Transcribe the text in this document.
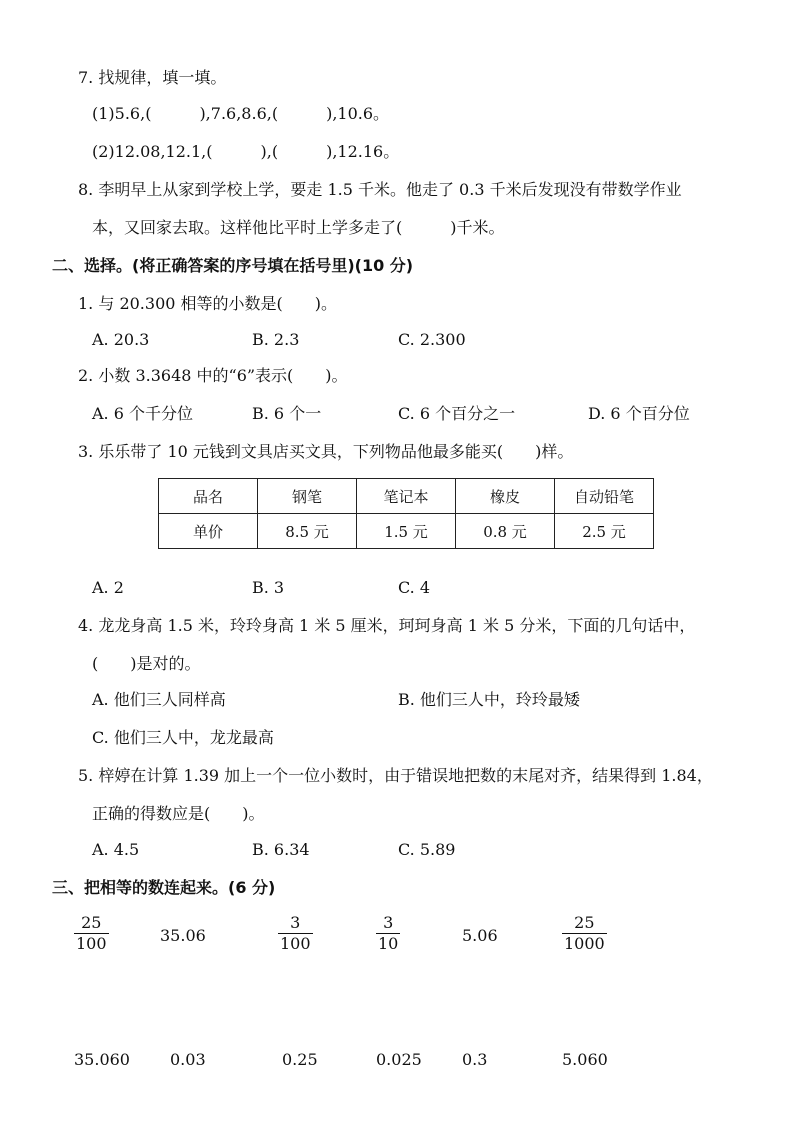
7. 找规律，填一填。
(1)5.6,(　　　),7.6,8.6,(　　　),10.6。
(2)12.08,12.1,(　　　),(　　　),12.16。
8. 李明早上从家到学校上学，要走 1.5 千米。他走了 0.3 千米后发现没有带数学作业
本，又回家去取。这样他比平时上学多走了(　　　)千米。
二、选择。(将正确答案的序号填在括号里)(10 分)
1. 与 20.300 相等的小数是(　　)。
A. 20.3	B. 2.3	C. 2.300
2. 小数 3.3648 中的“6”表示(　　)。
A. 6 个千分位	B. 6 个一	C. 6 个百分之一	D. 6 个百分位
3. 乐乐带了 10 元钱到文具店买文具，下列物品他最多能买(　　)样。
品名	钢笔	笔记本	橡皮	自动铅笔
单价	8.5 元	1.5 元	0.8 元	2.5 元
A. 2	B. 3	C. 4
4. 龙龙身高 1.5 米，玲玲身高 1 米 5 厘米，珂珂身高 1 米 5 分米，下面的几句话中，
(　　)是对的。
A. 他们三人同样高	B. 他们三人中，玲玲最矮
C. 他们三人中，龙龙最高
5. 梓婷在计算 1.39 加上一个一位小数时，由于错误地把数的末尾对齐，结果得到 1.84，
正确的得数应是(　　)。
A. 4.5	B. 6.34	C. 5.89
三、把相等的数连起来。(6 分)
25
100	35.06
3
100
3
10	5.06
25
1000
35.060	0.03	0.25	0.025	0.3	5.060
